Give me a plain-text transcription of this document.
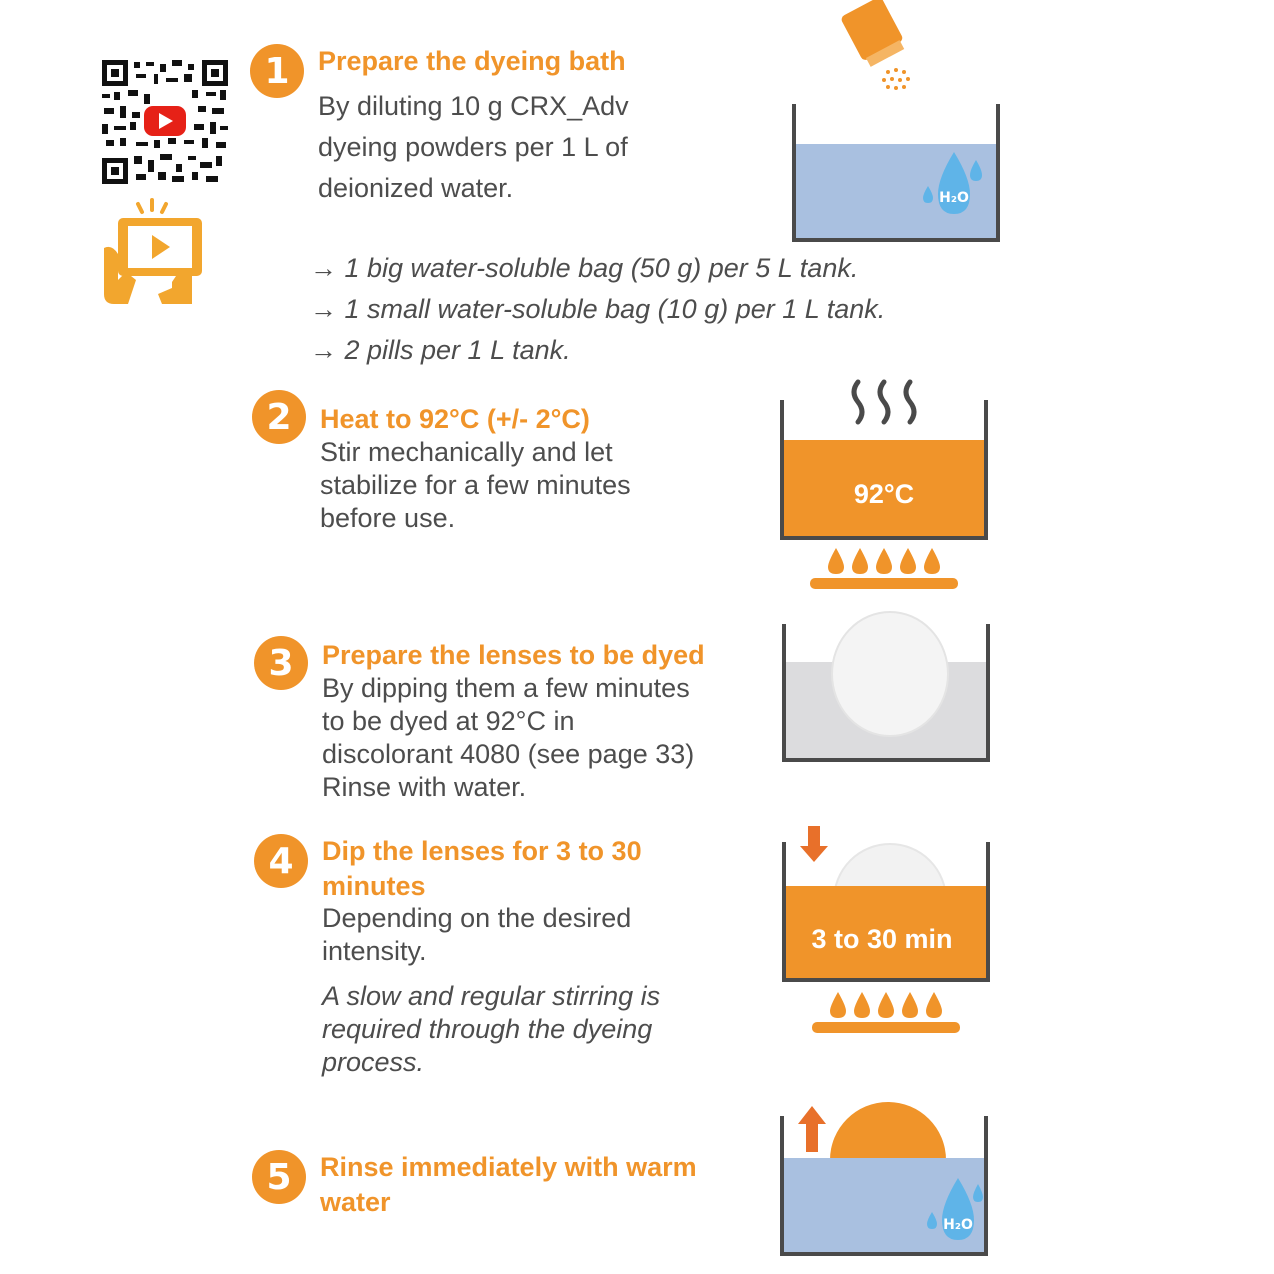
1	Prepare the dyeing bath
By diluting 10 g CRX_Adv
dyeing powders per 1 L of
deionized water.
→ 1 big water-soluble bag (50 g) per 5 L tank.
→ 1 small water-soluble bag (10 g) per 1 L tank.
→ 2 pills per 1 L tank.
H₂O
2	Heat to 92°C (+/- 2°C)
Stir mechanically and let
stabilize for a few minutes
before use.
92°C
3	Prepare the lenses to be dyed
By dipping them a few minutes
to be dyed at 92°C in
discolorant 4080 (see page 33)
Rinse with water.
4	Dip the lenses for 3 to 30
minutes
Depending on the desired
intensity.
A slow and regular stirring is
required through the dyeing
process.
3 to 30 min
5	Rinse immediately with warm
water
H₂O
